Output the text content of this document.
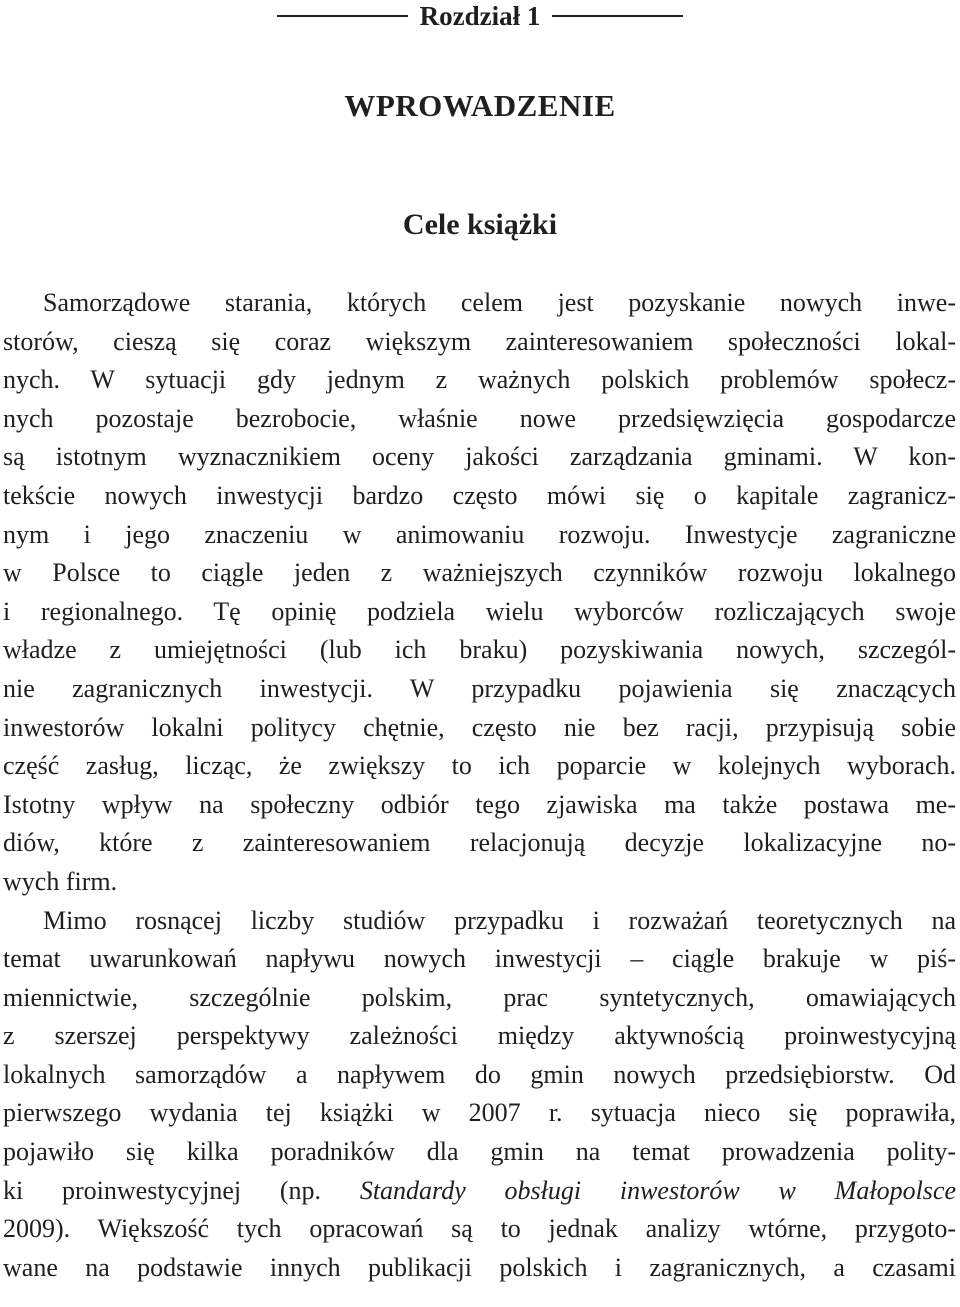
Rozdział 1
WPROWADZENIE
Cele książki
Samorządowe starania, których celem jest pozyskanie nowych inwe-
storów, cieszą się coraz większym zainteresowaniem społeczności lokal-
nych. W sytuacji gdy jednym z ważnych polskich problemów społecz-
nych pozostaje bezrobocie, właśnie nowe przedsięwzięcia gospodarcze
są istotnym wyznacznikiem oceny jakości zarządzania gminami. W kon-
tekście nowych inwestycji bardzo często mówi się o kapitale zagranicz-
nym i jego znaczeniu w animowaniu rozwoju. Inwestycje zagraniczne
w Polsce to ciągle jeden z ważniejszych czynników rozwoju lokalnego
i regionalnego. Tę opinię podziela wielu wyborców rozliczających swoje
władze z umiejętności (lub ich braku) pozyskiwania nowych, szczegól-
nie zagranicznych inwestycji. W przypadku pojawienia się znaczących
inwestorów lokalni politycy chętnie, często nie bez racji, przypisują sobie
część zasług, licząc, że zwiększy to ich poparcie w kolejnych wyborach.
Istotny wpływ na społeczny odbiór tego zjawiska ma także postawa me-
diów, które z zainteresowaniem relacjonują decyzje lokalizacyjne no-
wych firm.
Mimo rosnącej liczby studiów przypadku i rozważań teoretycznych na
temat uwarunkowań napływu nowych inwestycji – ciągle brakuje w piś-
miennictwie, szczególnie polskim, prac syntetycznych, omawiających
z szerszej perspektywy zależności między aktywnością proinwestycyjną
lokalnych samorządów a napływem do gmin nowych przedsiębiorstw. Od
pierwszego wydania tej książki w 2007 r. sytuacja nieco się poprawiła,
pojawiło się kilka poradników dla gmin na temat prowadzenia polity-
ki proinwestycyjnej (np. Standardy obsługi inwestorów w Małopolsce
2009). Większość tych opracowań są to jednak analizy wtórne, przygoto-
wane na podstawie innych publikacji polskich i zagranicznych, a czasami
